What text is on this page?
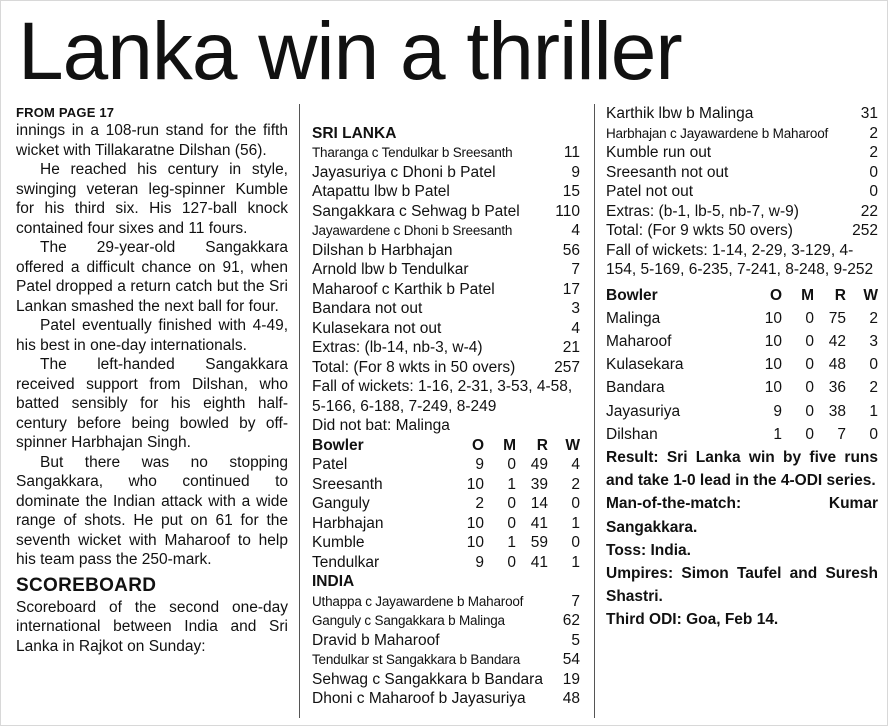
Lanka win a thriller
FROM PAGE 17

innings in a 108-run stand for the fifth wicket with Tillakaratne Dilshan (56).

He reached his century in style, swinging veteran leg-spinner Kumble for his third six. His 127-ball knock contained four sixes and 11 fours.

The 29-year-old Sangakkara offered a difficult chance on 91, when Patel dropped a return catch but the Sri Lankan smashed the next ball for four.

Patel eventually finished with 4-49, his best in one-day internationals.

The left-handed Sangakkara received support from Dilshan, who batted sensibly for his eighth half-century before being bowled by off-spinner Harbhajan Singh.

But there was no stopping Sangakkara, who continued to dominate the Indian attack with a wide range of shots. He put on 61 for the seventh wicket with Maharoof to help his team pass the 250-mark.

SCOREBOARD

Scoreboard of the second one-day international between India and Sri Lanka in Rajkot on Sunday:

SRI LANKA
Tharanga c Tendulkar b Sreesanth	11
Jayasuriya c Dhoni b Patel	9
Atapattu lbw b Patel	15
Sangakkara c Sehwag b Patel 110
Jayawardene c Dhoni b Sreesanth	4
Dilshan b Harbhajan	56
Arnold lbw b Tendulkar	7
Maharoof c Karthik b Patel	17
Bandara not out	3
Kulasekara not out	4
Extras: (lb-14, nb-3, w-4)	21
Total: (For 8 wkts in 50 overs)	257

Fall of wickets: 1-16, 2-31, 3-53, 4-58, 5-166, 6-188, 7-249, 8-249

Did not bat: Malinga

Bowler	O	M	R	W
Patel	9	0 49	4
Sreesanth	10	1 39	2
Ganguly	2	0 14	0
Harbhajan	10	0 41	1
Kumble	10	1 59	0
Tendulkar	9	0 41	1
INDIA
Uthappa c Jayawardene b Maharoof	7
Ganguly c Sangakkara b Malinga	62
Dravid b Maharoof	5
Tendulkar st Sangakkara b Bandara	54
Sehwag c Sangakkara b Bandara	19
Dhoni c Maharoof b Jayasuriya	48
Karthik lbw b Malinga	31
Harbhajan c Jayawardene b Maharoof	2
Kumble run out	2
Sreesanth not out	0
Patel not out	0
Extras: (b-1, lb-5, nb-7, w-9)	22
Total: (For 9 wkts 50 overs)	252

Fall of wickets: 1-14, 2-29, 3-129, 4-154, 5-169, 6-235, 7-241, 8-248, 9-252

Bowler	O	M	R	W
Malinga	10	0 75	2
Maharoof	10	0 42	3
Kulasekara	10	0 48	0
Bandara	10	0 36	2
Jayasuriya	9	0 38	1
Dilshan	1	0	7	0

Result: Sri Lanka win by five runs and take 1-0 lead in the 4-ODI series.

Man-of-the-match: Kumar Sangakkara.

Toss: India.

Umpires: Simon Taufel and Suresh Shastri.

Third ODI: Goa, Feb 14.
